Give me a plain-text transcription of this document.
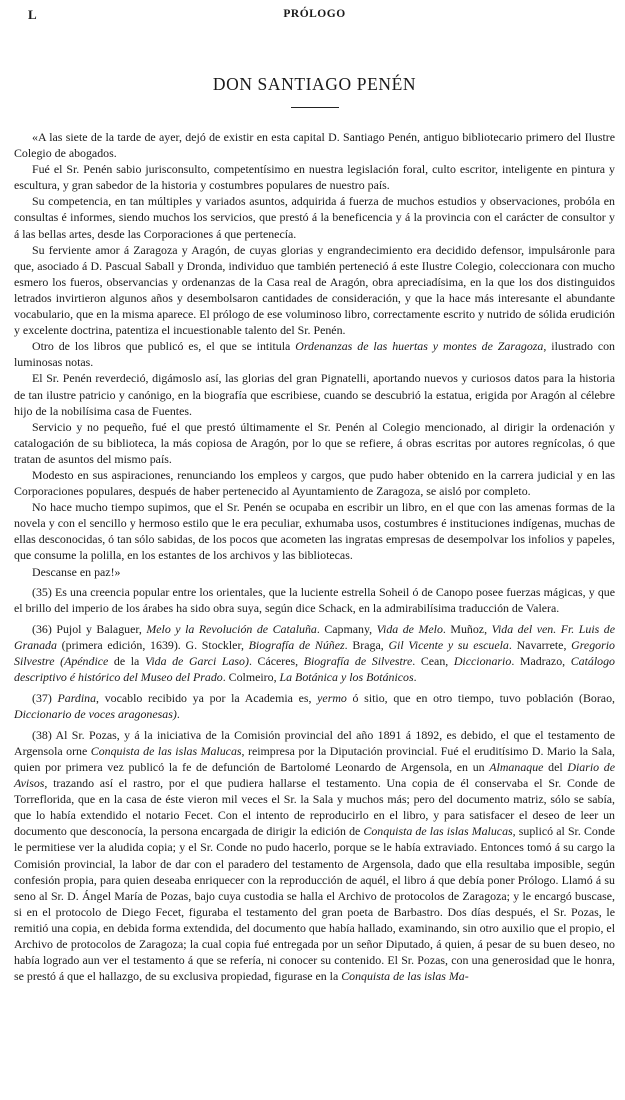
L	PRÓLOGO
DON SANTIAGO PENÉN

«A las siete de la tarde de ayer, dejó de existir en esta capital D. Santiago Penén, antiguo bibliotecario primero del Ilustre Colegio de abogados.

Fué el Sr. Penén sabio jurisconsulto, competentísimo en nuestra legislación foral, culto escritor, inteligente en pintura y escultura, y gran sabedor de la historia y costumbres populares de nuestro país.

Su competencia, en tan múltiples y variados asuntos, adquirida á fuerza de muchos estudios y observaciones, probóla en consultas é informes, siendo muchos los servicios, que prestó á la beneficencia y á la provincia con el carácter de consultor y á las bellas artes, desde las Corporaciones á que pertenecía.

Su ferviente amor á Zaragoza y Aragón, de cuyas glorias y engrandecimiento era decidido defensor, impulsáronle para que, asociado á D. Pascual Saball y Dronda, individuo que también perteneció á este Ilustre Colegio, coleccionara con mucho esmero los fueros, observancias y ordenanzas de la Casa real de Aragón, obra apreciadísima, en la que los dos distinguidos letrados invirtieron algunos años y desembolsaron cantidades de consideración, y que la hace más interesante el abundante vocabulario, que en la misma aparece. El prólogo de ese voluminoso libro, correctamente escrito y nutrido de sólida erudición y excelente doctrina, patentiza el incuestionable talento del Sr. Penén.

Otro de los libros que publicó es, el que se intitula Ordenanzas de las huertas y montes de Zaragoza, ilustrado con luminosas notas.

El Sr. Penén reverdeció, digámoslo así, las glorias del gran Pignatelli, aportando nuevos y curiosos datos para la historia de tan ilustre patricio y canónigo, en la biografía que escribiese, cuando se descubrió la estatua, erigida por Aragón al célebre hijo de la nobilísima casa de Fuentes.

Servicio y no pequeño, fué el que prestó últimamente el Sr. Penén al Colegio mencionado, al dirigir la ordenación y catalogación de su biblioteca, la más copiosa de Aragón, por lo que se refiere, á obras escritas por autores regnícolas, ó que tratan de asuntos del mismo país.

Modesto en sus aspiraciones, renunciando los empleos y cargos, que pudo haber obtenido en la carrera judicial y en las Corporaciones populares, después de haber pertenecido al Ayuntamiento de Zaragoza, se aisló por completo.

No hace mucho tiempo supimos, que el Sr. Penén se ocupaba en escribir un libro, en el que con las amenas formas de la novela y con el sencillo y hermoso estilo que le era peculiar, exhumaba usos, costumbres é instituciones indígenas, muchas de ellas desconocidas, ó tan sólo sabidas, de los pocos que acometen las ingratas empresas de desempolvar los infolios y papeles, que consume la polilla, en los estantes de los archivos y las bibliotecas.

Descanse en paz!»

(35) Es una creencia popular entre los orientales, que la luciente estrella Soheil ó de Canopo posee fuerzas mágicas, y que el brillo del imperio de los árabes ha sido obra suya, según dice Schack, en la admirabilísima traducción de Valera.

(36) Pujol y Balaguer, Melo y la Revolución de Cataluña. Capmany, Vida de Melo. Muñoz, Vida del ven. Fr. Luis de Granada (primera edición, 1639). G. Stockler, Biografía de Núñez. Braga, Gil Vicente y su escuela. Navarrete, Gregorio Silvestre (Apéndice de la Vida de Garci Laso). Cáceres, Biografía de Silvestre. Cean, Diccionario. Madrazo, Catálogo descriptivo é histórico del Museo del Prado. Colmeiro, La Botánica y los Botánicos.

(37) Pardina, vocablo recibido ya por la Academia es, yermo ó sitio, que en otro tiempo, tuvo población (Borao, Diccionario de voces aragonesas).

(38) Al Sr. Pozas, y á la iniciativa de la Comisión provincial del año 1891 á 1892, es debido, el que el testamento de Argensola orne Conquista de las islas Malucas, reimpresa por la Diputación provincial. Fué el eruditísimo D. Mario la Sala, quien por primera vez publicó la fe de defunción de Bartolomé Leonardo de Argensola, en un Almanaque del Diario de Avisos, trazando así el rastro, por el que pudiera hallarse el testamento. Una copia de él conservaba el Sr. Conde de Torreflorida, que en la casa de éste vieron mil veces el Sr. la Sala y muchos más; pero del documento matriz, sólo se sabía, que lo había extendido el notario Fecet. Con el intento de reproducirlo en el libro, y para satisfacer el deseo de leer un documento que desconocía, la persona encargada de dirigir la edición de Conquista de las islas Malucas, suplicó al Sr. Conde le permitiese ver la aludida copia; y el Sr. Conde no pudo hacerlo, porque se le había extraviado. Entonces tomó á su cargo la Comisión provincial, la labor de dar con el paradero del testamento de Argensola, dado que ella resultaba imposible, según confesión propia, para quien deseaba enriquecer con la reproducción de aquél, el libro á que debía poner Prólogo. Llamó á su seno al Sr. D. Ángel María de Pozas, bajo cuya custodia se halla el Archivo de protocolos de Zaragoza; y le encargó buscase, si en el protocolo de Diego Fecet, figuraba el testamento del gran poeta de Barbastro. Dos días después, el Sr. Pozas, le remitió una copia, en debida forma extendida, del documento que había hallado, examinando, sin otro auxilio que el propio, el Archivo de protocolos de Zaragoza; la cual copia fué entregada por un señor Diputado, á quien, á pesar de su buen deseo, no había logrado aun ver el testamento á que se refería, ni conocer su contenido. El Sr. Pozas, con una generosidad que le honra, se prestó á que el hallazgo, de su exclusiva propiedad, figurase en la Conquista de las islas Ma-
